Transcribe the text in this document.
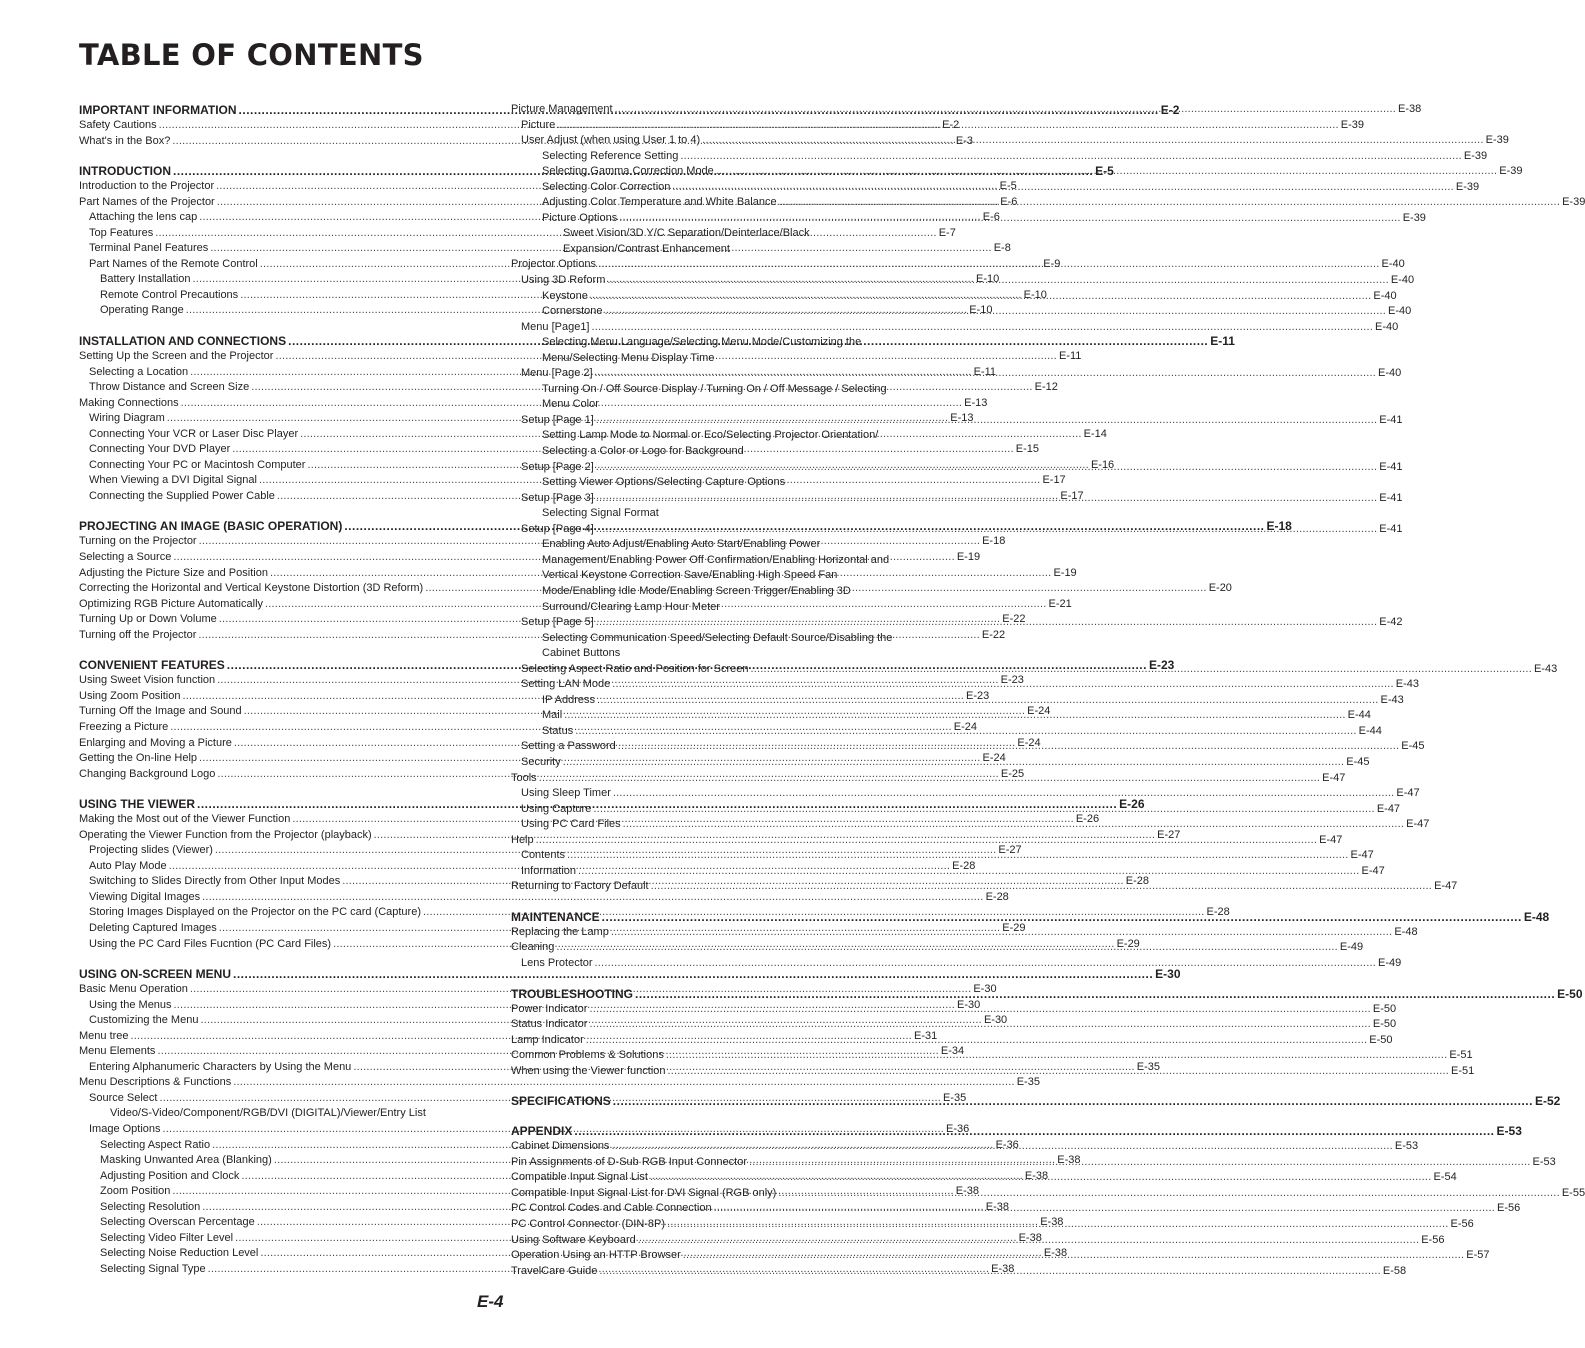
TABLE OF CONTENTS
IMPORTANT INFORMATION .....	E-2
Safety Cautions .....	E-2
What's in the Box? .....	E-3
INTRODUCTION .....	E-5
Introduction to the Projector .....	E-5
Part Names of the Projector .....	E-6
Attaching the lens cap .....	E-6
Top Features .....	E-7
Terminal Panel Features .....	E-8
Part Names of the Remote Control .....	E-9
Battery Installation .....	E-10
Remote Control Precautions .....	E-10
Operating Range .....	E-10
INSTALLATION AND CONNECTIONS .....	E-11
Setting Up the Screen and the Projector .....	E-11
Selecting a Location .....	E-11
Throw Distance and Screen Size .....	E-12
Making Connections .....	E-13
Wiring Diagram .....	E-13
Connecting Your VCR or Laser Disc Player .....	E-14
Connecting Your DVD Player .....	E-15
Connecting Your PC or Macintosh Computer .....	E-16
When Viewing a DVI Digital Signal .....	E-17
Connecting the Supplied Power Cable .....	E-17
PROJECTING AN IMAGE (BASIC OPERATION) .....	E-18
Turning on the Projector .....	E-18
Selecting a Source .....	E-19
Adjusting the Picture Size and Position .....	E-19
Correcting the Horizontal and Vertical Keystone Distortion (3D Reform) .....	E-20
Optimizing RGB Picture Automatically .....	E-21
Turning Up or Down Volume .....	E-22
Turning off the Projector .....	E-22
CONVENIENT FEATURES .....	E-23
Using Sweet Vision function .....	E-23
Using Zoom Position .....	E-23
Turning Off the Image and Sound .....	E-24
Freezing a Picture .....	E-24
Enlarging and Moving a Picture .....	E-24
Getting the On-line Help .....	E-24
Changing Background Logo .....	E-25
USING THE VIEWER .....	E-26
Making the Most out of the Viewer Function .....	E-26
Operating the Viewer Function from the Projector (playback) .....	E-27
Projecting slides (Viewer) .....	E-27
Auto Play Mode .....	E-28
Switching to Slides Directly from Other Input Modes .....	E-28
Viewing Digital Images .....	E-28
Storing Images Displayed on the Projector on the PC card (Capture) .....	E-28
Deleting Captured Images .....	E-29
Using the PC Card Files Fucntion (PC Card Files) .....	E-29
USING ON-SCREEN MENU .....	E-30
Basic Menu Operation .....	E-30
Using the Menus .....	E-30
Customizing the Menu .....	E-30
Menu tree .....	E-31
Menu Elements .....	E-34
Entering Alphanumeric Characters by Using the Menu .....	E-35
Menu Descriptions & Functions .....	E-35
Source Select .....	E-35
Video/S-Video/Component/RGB/DVI (DIGITAL)/Viewer/Entry List
Image Options .....	E-36
Selecting Aspect Ratio .....	E-36
Masking Unwanted Area (Blanking) .....	E-38
Adjusting Position and Clock .....	E-38
Zoom Position .....	E-38
Selecting Resolution .....	E-38
Selecting Overscan Percentage .....	E-38
Selecting Video Filter Level .....	E-38
Selecting Noise Reduction Level .....	E-38
Selecting Signal Type .....	E-38
Picture Management .....	E-38
Picture .....	E-39
User Adjust (when using User 1 to 4) .....	E-39
Selecting Reference Setting .....	E-39
Selecting Gamma Correction Mode .....	E-39
Selecting Color Correction .....	E-39
Adjusting Color Temperature and White Balance .....	E-39
Picture Options .....	E-39
Sweet Vision/3D Y/C Separation/Deinterlace/Black Expansion/Contrast Enhancement
Projector Options .....	E-40
Using 3D Reform .....	E-40
Keystone .....	E-40
Cornerstone .....	E-40
Menu [Page1] .....	E-40
Selecting Menu Language/Selecting Menu Mode/Customizing the Menu/Selecting Menu Display Time
Menu [Page 2] .....	E-40
Turning On / Off Source Display / Turning On / Off Message / Selecting Menu Color
Setup [Page 1] .....	E-41
Setting Lamp Mode to Normal or Eco/Selecting Projector Orientation/ Selecting a Color or Logo for Background
Setup [Page 2] .....	E-41
Setting Viewer Options/Selecting Capture Options
Setup [Page 3] .....	E-41
Selecting Signal Format
Setup [Page 4] .....	E-41
Enabling Auto Adjust/Enabling Auto Start/Enabling Power Management/Enabling Power Off Confirmation/Enabling Horizontal and Vertical Keystone Correction Save/Enabling High Speed Fan Mode/Enabling Idle Mode/Enabling Screen Trigger/Enabling 3D Surround/Clearing Lamp Hour Meter
Setup [Page 5] .....	E-42
Selecting Communication Speed/Selecting Default Source/Disabling the Cabinet Buttons
Selecting Aspect Ratio and Position for Screen .....	E-43
Setting LAN Mode .....	E-43
IP Address .....	E-43
Mail .....	E-44
Status .....	E-44
Setting a Password .....	E-45
Security .....	E-45
Tools .....	E-47
Using Sleep Timer .....	E-47
Using Capture .....	E-47
Using PC Card Files .....	E-47
Help .....	E-47
Contents .....	E-47
Information .....	E-47
Returning to Factory Default .....	E-47
MAINTENANCE .....	E-48
Replacing the Lamp .....	E-48
Cleaning .....	E-49
Lens Protector .....	E-49
TROUBLESHOOTING .....	E-50
Power Indicator .....	E-50
Status Indicator .....	E-50
Lamp Indicator .....	E-50
Common Problems & Solutions .....	E-51
When using the Viewer function .....	E-51
SPECIFICATIONS .....	E-52
APPENDIX .....	E-53
Cabinet Dimensions .....	E-53
Pin Assignments of D-Sub RGB Input Connector .....	E-53
Compatible Input Signal List .....	E-54
Compatible Input Signal List for DVI Signal (RGB only) .....	E-55
PC Control Codes and Cable Connection .....	E-56
PC Control Connector (DIN-8P) .....	E-56
Using Software Keyboard .....	E-56
Operation Using an HTTP Browser .....	E-57
TravelCare Guide .....	E-58
E-4
